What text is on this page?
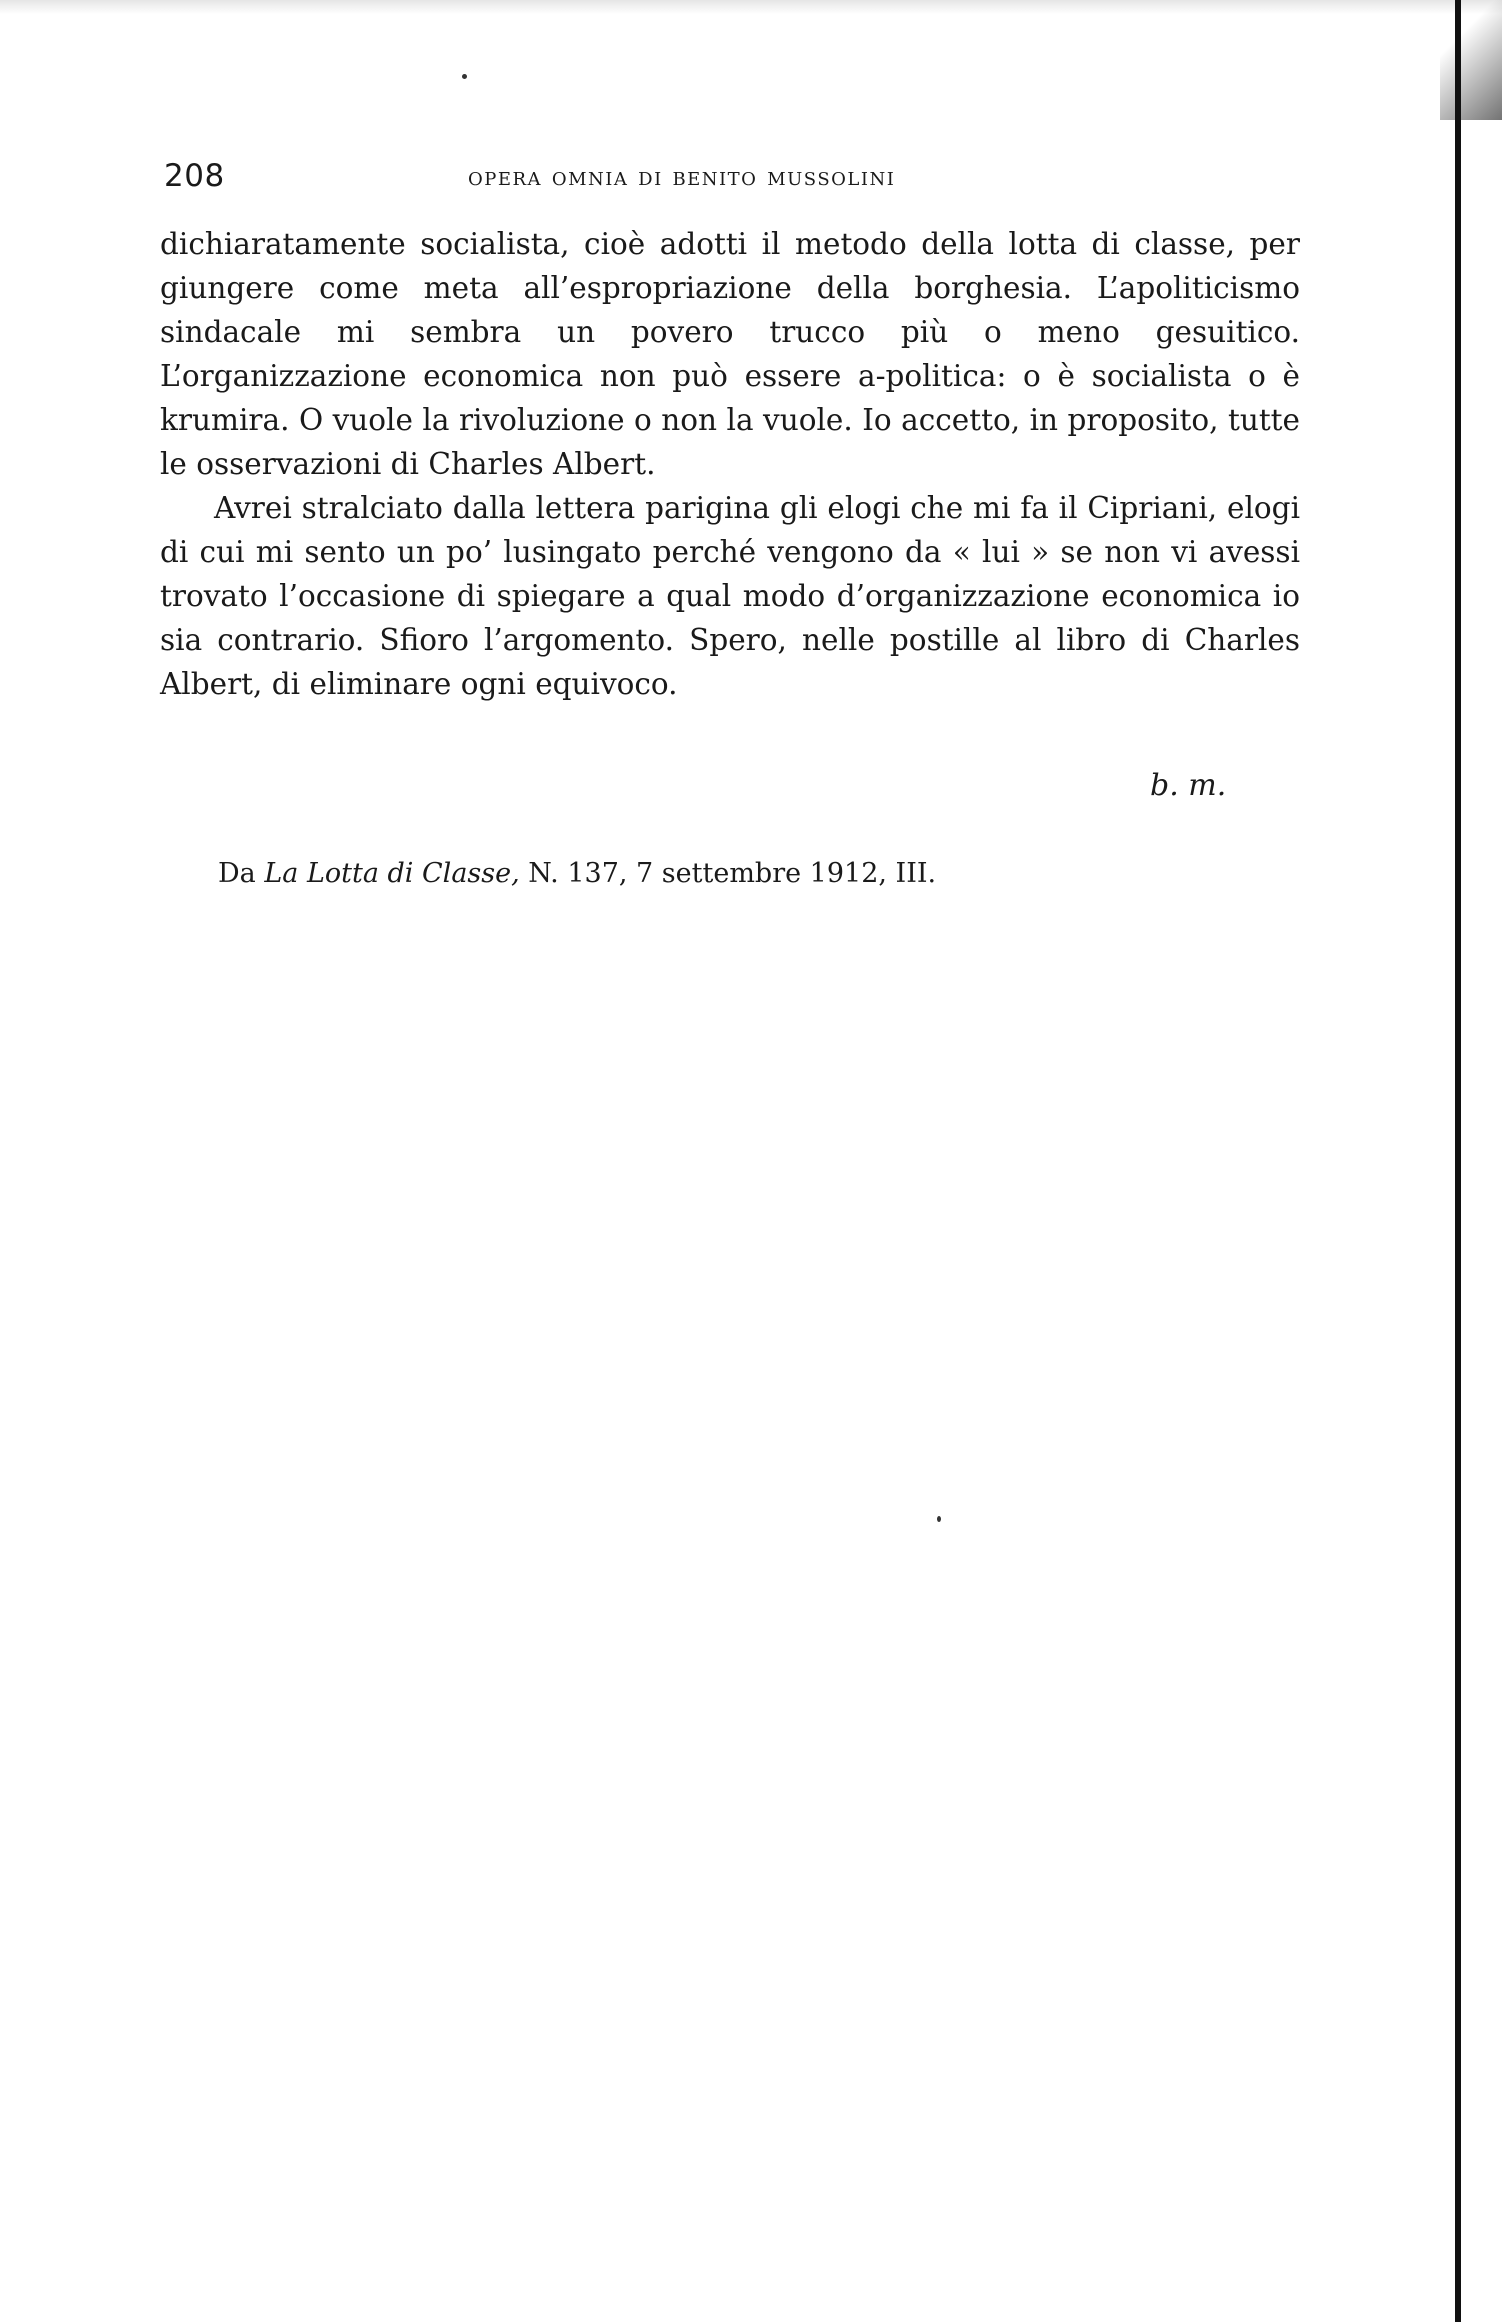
208	opera omnia di benito mussolini

dichiaratamente socialista, cioè adotti il metodo della lotta di classe, per giungere come meta all’espropriazione della borghesia. L’apoliticismo sindacale mi sembra un povero trucco più o meno gesuitico. L’organizzazione economica non può essere a-politica: o è socialista o è krumira. O vuole la rivoluzione o non la vuole. Io accetto, in proposito, tutte le osservazioni di Charles Albert.

Avrei stralciato dalla lettera parigina gli elogi che mi fa il Cipriani, elogi di cui mi sento un po’ lusingato perché vengono da « lui » se non vi avessi trovato l’occasione di spiegare a qual modo d’organizzazione economica io sia contrario. Sfioro l’argomento. Spero, nelle postille al libro di Charles Albert, di eliminare ogni equivoco.

b. m.
Da La Lotta di Classe, N. 137, 7 settembre 1912, III.
